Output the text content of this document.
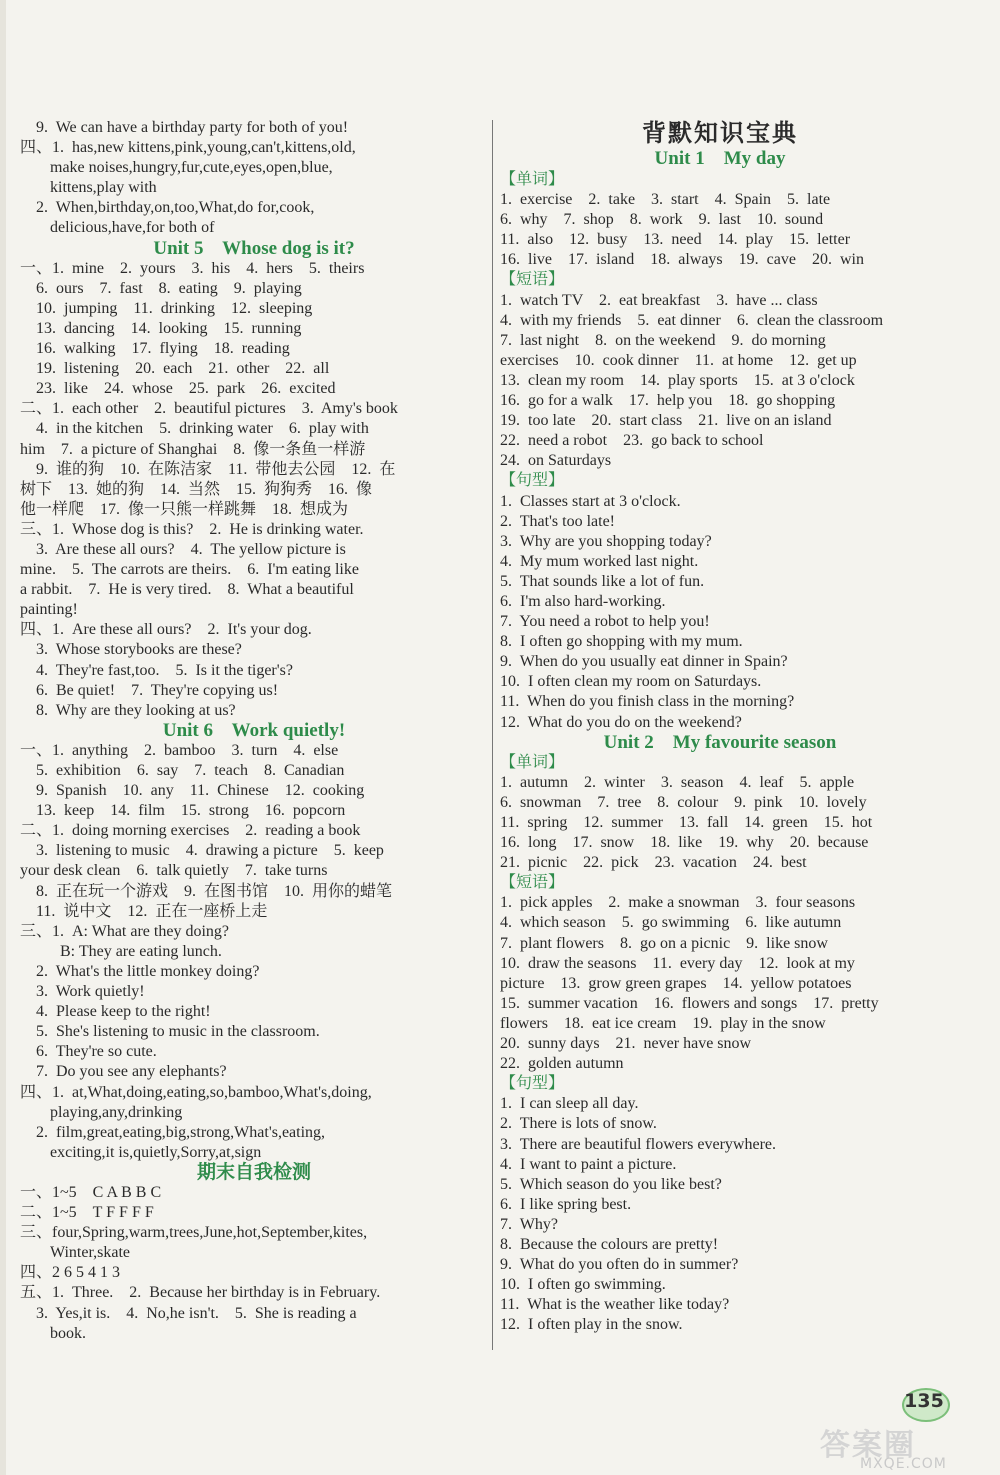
9.  We can have a birthday party for both of you!
四、1.  has,new kittens,pink,young,can't,kittens,old,
make noises,hungry,fur,cute,eyes,open,blue,
kittens,play with
2.  When,birthday,on,too,What,do for,cook,
delicious,have,for both of
Unit 5    Whose dog is it?
一、1.  mine    2.  yours    3.  his    4.  hers    5.  theirs
6.  ours    7.  fast    8.  eating    9.  playing
10.  jumping    11.  drinking    12.  sleeping
13.  dancing    14.  looking    15.  running
16.  walking    17.  flying    18.  reading
19.  listening    20.  each    21.  other    22.  all
23.  like    24.  whose    25.  park    26.  excited
二、1.  each other    2.  beautiful pictures    3.  Amy's book
4.  in the kitchen    5.  drinking water    6.  play with
him    7.  a picture of Shanghai    8.  像一条鱼一样游
9.  谁的狗    10.  在陈洁家    11.  带他去公园    12.  在
树下    13.  她的狗    14.  当然    15.  狗狗秀    16.  像
他一样爬    17.  像一只熊一样跳舞    18.  想成为
三、1.  Whose dog is this?    2.  He is drinking water.
3.  Are these all ours?    4.  The yellow picture is
mine.    5.  The carrots are theirs.    6.  I'm eating like
a rabbit.    7.  He is very tired.    8.  What a beautiful
painting!
四、1.  Are these all ours?    2.  It's your dog.
3.  Whose storybooks are these?
4.  They're fast,too.    5.  Is it the tiger's?
6.  Be quiet!    7.  They're copying us!
8.  Why are they looking at us?
Unit 6    Work quietly!
一、1.  anything    2.  bamboo    3.  turn    4.  else
5.  exhibition    6.  say    7.  teach    8.  Canadian
9.  Spanish    10.  any    11.  Chinese    12.  cooking
13.  keep    14.  film    15.  strong    16.  popcorn
二、1.  doing morning exercises    2.  reading a book
3.  listening to music    4.  drawing a picture    5.  keep
your desk clean    6.  talk quietly    7.  take turns
8.  正在玩一个游戏    9.  在图书馆    10.  用你的蜡笔
11.  说中文    12.  正在一座桥上走
三、1.  A: What are they doing?
B: They are eating lunch.
2.  What's the little monkey doing?
3.  Work quietly!
4.  Please keep to the right!
5.  She's listening to music in the classroom.
6.  They're so cute.
7.  Do you see any elephants?
四、1.  at,What,doing,eating,so,bamboo,What's,doing,
playing,any,drinking
2.  film,great,eating,big,strong,What's,eating,
exciting,it is,quietly,Sorry,at,sign
期末自我检测
一、1~5    C A B B C
二、1~5    T F F F F
三、four,Spring,warm,trees,June,hot,September,kites,
Winter,skate
四、2 6 5 4 1 3
五、1.  Three.    2.  Because her birthday is in February.
3.  Yes,it is.    4.  No,he isn't.    5.  She is reading a
book.
背默知识宝典
Unit 1    My day
【单词】
1.  exercise    2.  take    3.  start    4.  Spain    5.  late
6.  why    7.  shop    8.  work    9.  last    10.  sound
11.  also    12.  busy    13.  need    14.  play    15.  letter
16.  live    17.  island    18.  always    19.  cave    20.  win
【短语】
1.  watch TV    2.  eat breakfast    3.  have ... class
4.  with my friends    5.  eat dinner    6.  clean the classroom
7.  last night    8.  on the weekend    9.  do morning
exercises    10.  cook dinner    11.  at home    12.  get up
13.  clean my room    14.  play sports    15.  at 3 o'clock
16.  go for a walk    17.  help you    18.  go shopping
19.  too late    20.  start class    21.  live on an island
22.  need a robot    23.  go back to school
24.  on Saturdays
【句型】
1.  Classes start at 3 o'clock.
2.  That's too late!
3.  Why are you shopping today?
4.  My mum worked last night.
5.  That sounds like a lot of fun.
6.  I'm also hard-working.
7.  You need a robot to help you!
8.  I often go shopping with my mum.
9.  When do you usually eat dinner in Spain?
10.  I often clean my room on Saturdays.
11.  When do you finish class in the morning?
12.  What do you do on the weekend?
Unit 2    My favourite season
【单词】
1.  autumn    2.  winter    3.  season    4.  leaf    5.  apple
6.  snowman    7.  tree    8.  colour    9.  pink    10.  lovely
11.  spring    12.  summer    13.  fall    14.  green    15.  hot
16.  long    17.  snow    18.  like    19.  why    20.  because
21.  picnic    22.  pick    23.  vacation    24.  best
【短语】
1.  pick apples    2.  make a snowman    3.  four seasons
4.  which season    5.  go swimming    6.  like autumn
7.  plant flowers    8.  go on a picnic    9.  like snow
10.  draw the seasons    11.  every day    12.  look at my
picture    13.  grow green grapes    14.  yellow potatoes
15.  summer vacation    16.  flowers and songs    17.  pretty
flowers    18.  eat ice cream    19.  play in the snow
20.  sunny days    21.  never have snow
22.  golden autumn
【句型】
1.  I can sleep all day.
2.  There is lots of snow.
3.  There are beautiful flowers everywhere.
4.  I want to paint a picture.
5.  Which season do you like best?
6.  I like spring best.
7.  Why?
8.  Because the colours are pretty!
9.  What do you often do in summer?
10.  I often go swimming.
11.  What is the weather like today?
12.  I often play in the snow.
135
答案圈
MXQE.COM
